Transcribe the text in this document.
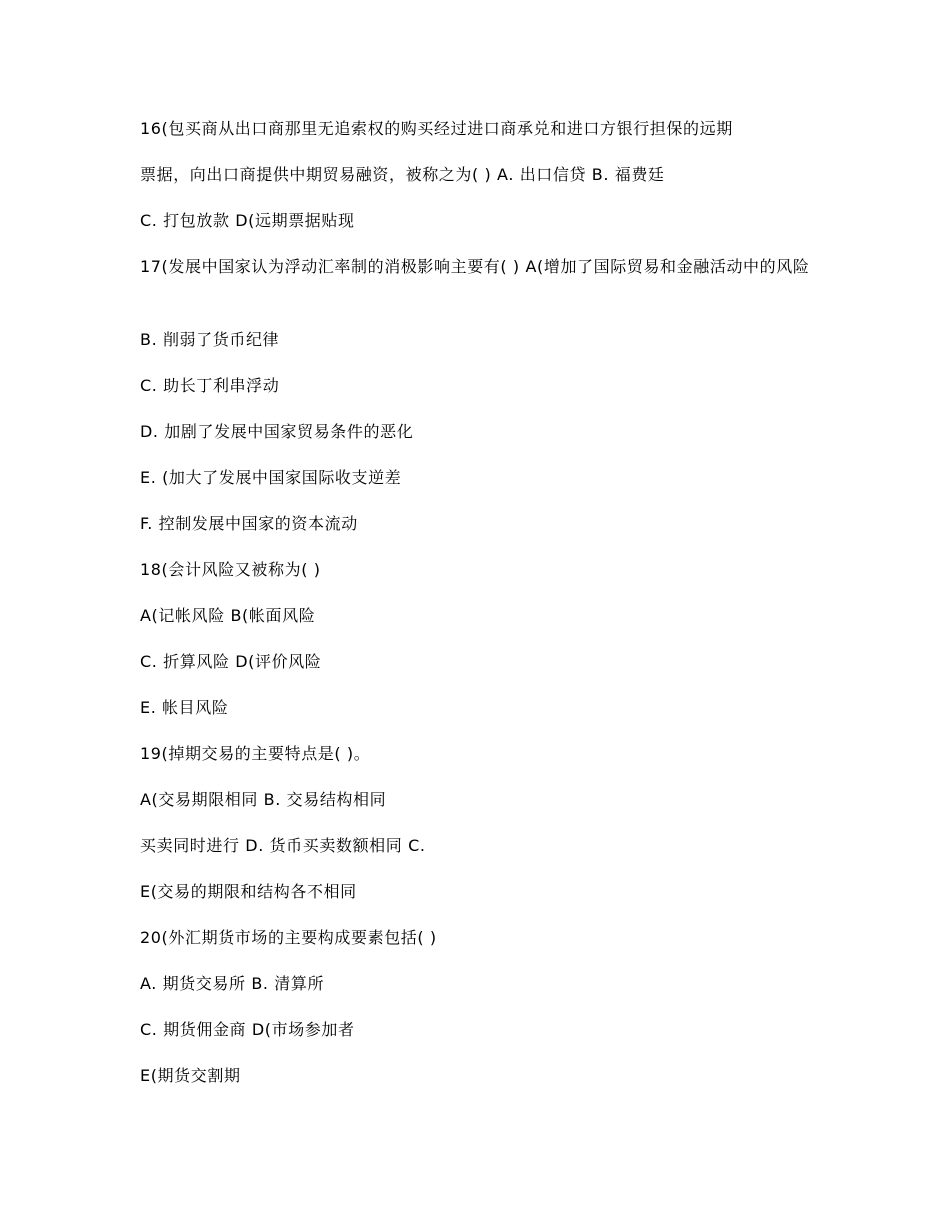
16(包买商从出口商那里无追索权的购买经过进口商承兑和进口方银行担保的远期
票据，向出口商提供中期贸易融资，被称之为( ) A. 出口信贷 B. 福费廷
C. 打包放款 D(远期票据贴现
17(发展中国家认为浮动汇率制的消极影响主要有( ) A(增加了国际贸易和金融活动中的风险
B. 削弱了货币纪律
C. 助长丁利串浮动
D. 加剧了发展中国家贸易条件的恶化
E. (加大了发展中国家国际收支逆差
F. 控制发展中国家的资本流动
18(会计风险又被称为( )
A(记帐风险 B(帐面风险
C. 折算风险 D(评价风险
E. 帐目风险
19(掉期交易的主要特点是( )。
A(交易期限相同 B. 交易结构相同
买卖同时进行 D. 货币买卖数额相同 C.
E(交易的期限和结构各不相同
20(外汇期货市场的主要构成要素包括( )
A. 期货交易所 B. 清算所
C. 期货佣金商 D(市场参加者
E(期货交割期
